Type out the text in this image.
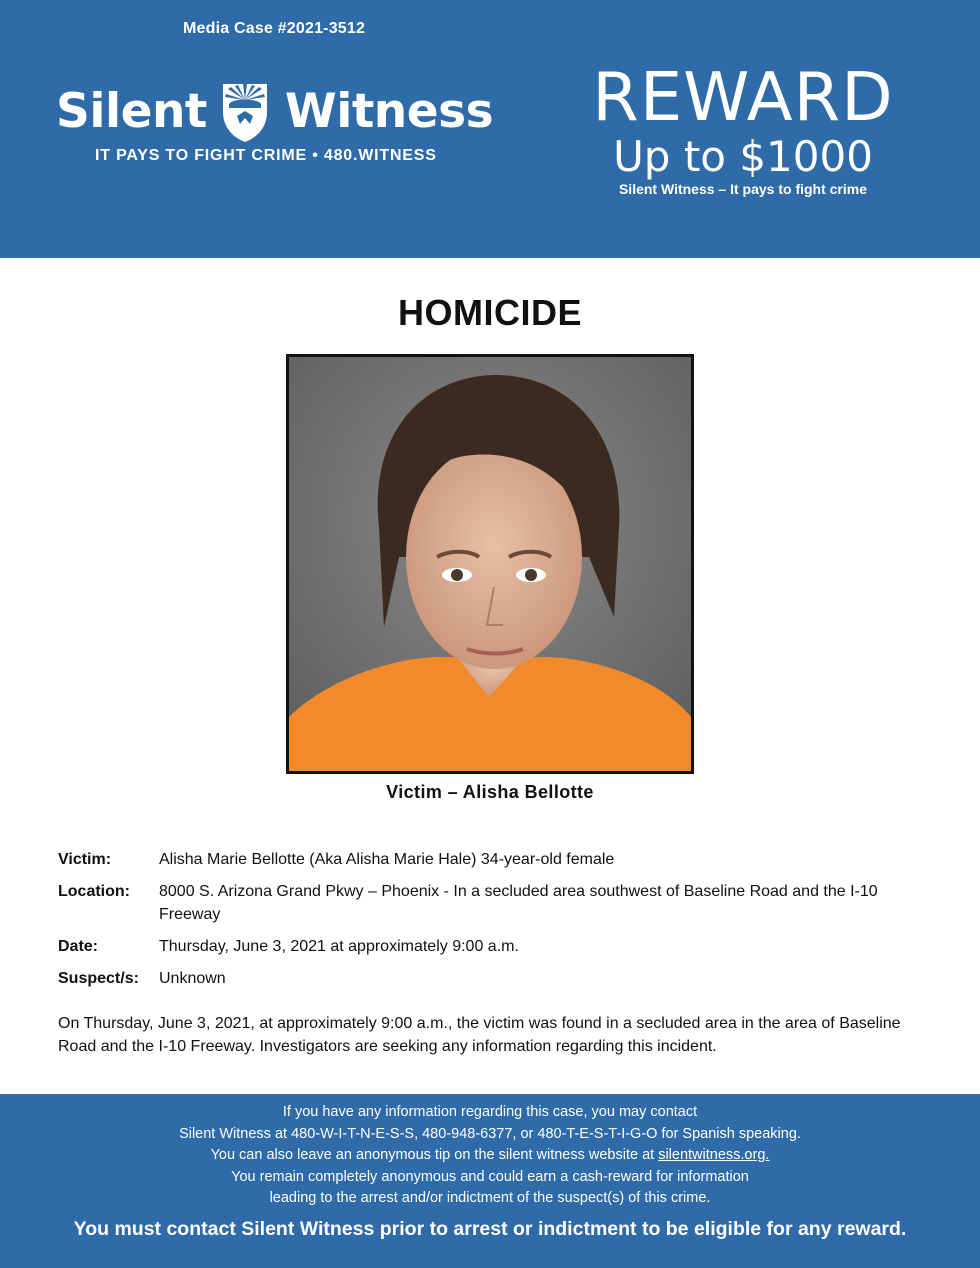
Media Case #2021-3512
Silent Witness
IT PAYS TO FIGHT CRIME • 480.WITNESS
REWARD
Up to $1000
Silent Witness – It pays to fight crime
HOMICIDE
Victim – Alisha Bellotte
Victim:	Alisha Marie Bellotte (Aka Alisha Marie Hale) 34-year-old female
Location:	8000 S. Arizona Grand Pkwy – Phoenix - In a secluded area southwest of Baseline Road and the I-10 Freeway
Date:	Thursday, June 3, 2021 at approximately 9:00 a.m.
Suspect/s:	Unknown
On Thursday, June 3, 2021, at approximately 9:00 a.m., the victim was found in a secluded area in the area of Baseline Road and the I-10 Freeway. Investigators are seeking any information regarding this incident.
If you have any information regarding this case, you may contact
Silent Witness at 480-W-I-T-N-E-S-S, 480-948-6377, or 480-T-E-S-T-I-G-O for Spanish speaking.
You can also leave an anonymous tip on the silent witness website at silentwitness.org.
You remain completely anonymous and could earn a cash-reward for information
leading to the arrest and/or indictment of the suspect(s) of this crime.
You must contact Silent Witness prior to arrest or indictment to be eligible for any reward.
